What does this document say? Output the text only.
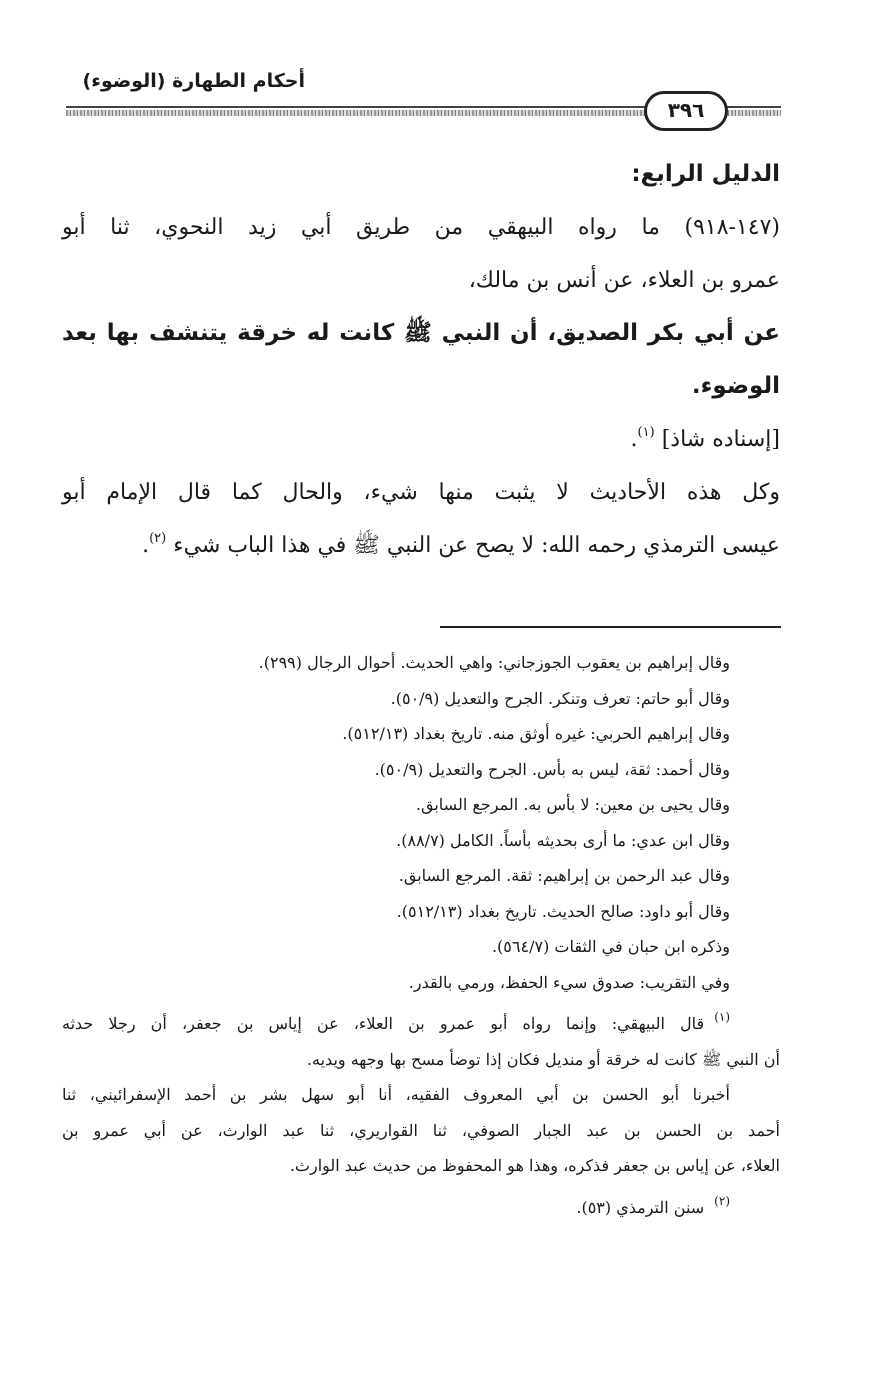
أحكام الطهارة (الوضوء)
٣٩٦

الدليل الرابع:

(١٤٧-٩١٨) ما رواه البيهقي من طريق أبي زيد النحوي، ثنا أبو

عمرو بن العلاء، عن أنس بن مالك،

عن أبي بكر الصديق، أن النبي ﷺ كانت له خرقة يتنشف بها بعد

الوضوء.

[إسناده شاذ] $^{(١)}$.

وكل هذه الأحاديث لا يثبت منها شيء، والحال كما قال الإمام أبو

عيسى الترمذي رحمه الله: لا يصح عن النبي ﷺ في هذا الباب شيء $^{(٢)}$.

وقال إبراهيم بن يعقوب الجوزجاني: واهي الحديث. أحوال الرجال (٢٩٩).

وقال أبو حاتم: تعرف وتنكر. الجرح والتعديل (٥٠/٩).

وقال إبراهيم الحربي: غيره أوثق منه. تاريخ بغداد (٥١٢/١٣).

وقال أحمد: ثقة، ليس به بأس. الجرح والتعديل (٥٠/٩).

وقال يحيى بن معين: لا بأس به. المرجع السابق.

وقال ابن عدي: ما أرى بحديثه بأساً. الكامل (٨٨/٧).

وقال عبد الرحمن بن إبراهيم: ثقة. المرجع السابق.

وقال أبو داود: صالح الحديث. تاريخ بغداد (٥١٢/١٣).

وذكره ابن حبان في الثقات (٥٦٤/٧).

وفي التقريب: صدوق سيء الحفظ، ورمي بالقدر.

$^{(١)}$قال البيهقي: وإنما رواه أبو عمرو بن العلاء، عن إياس بن جعفر، أن رجلا حدثه

أن النبي ﷺ كانت له خرقة أو منديل فكان إذا توضأ مسح بها وجهه ويديه.

أخبرنا أبو الحسن بن أبي المعروف الفقيه، أنا أبو سهل بشر بن أحمد الإسفرائيني، ثنا

أحمد بن الحسن بن عبد الجبار الصوفي، ثنا القواريري، ثنا عبد الوارث، عن أبي عمرو بن

العلاء، عن إياس بن جعفر فذكره، وهذا هو المحفوظ من حديث عبد الوارث.

$^{(٢)}$سنن الترمذي (٥٣).
